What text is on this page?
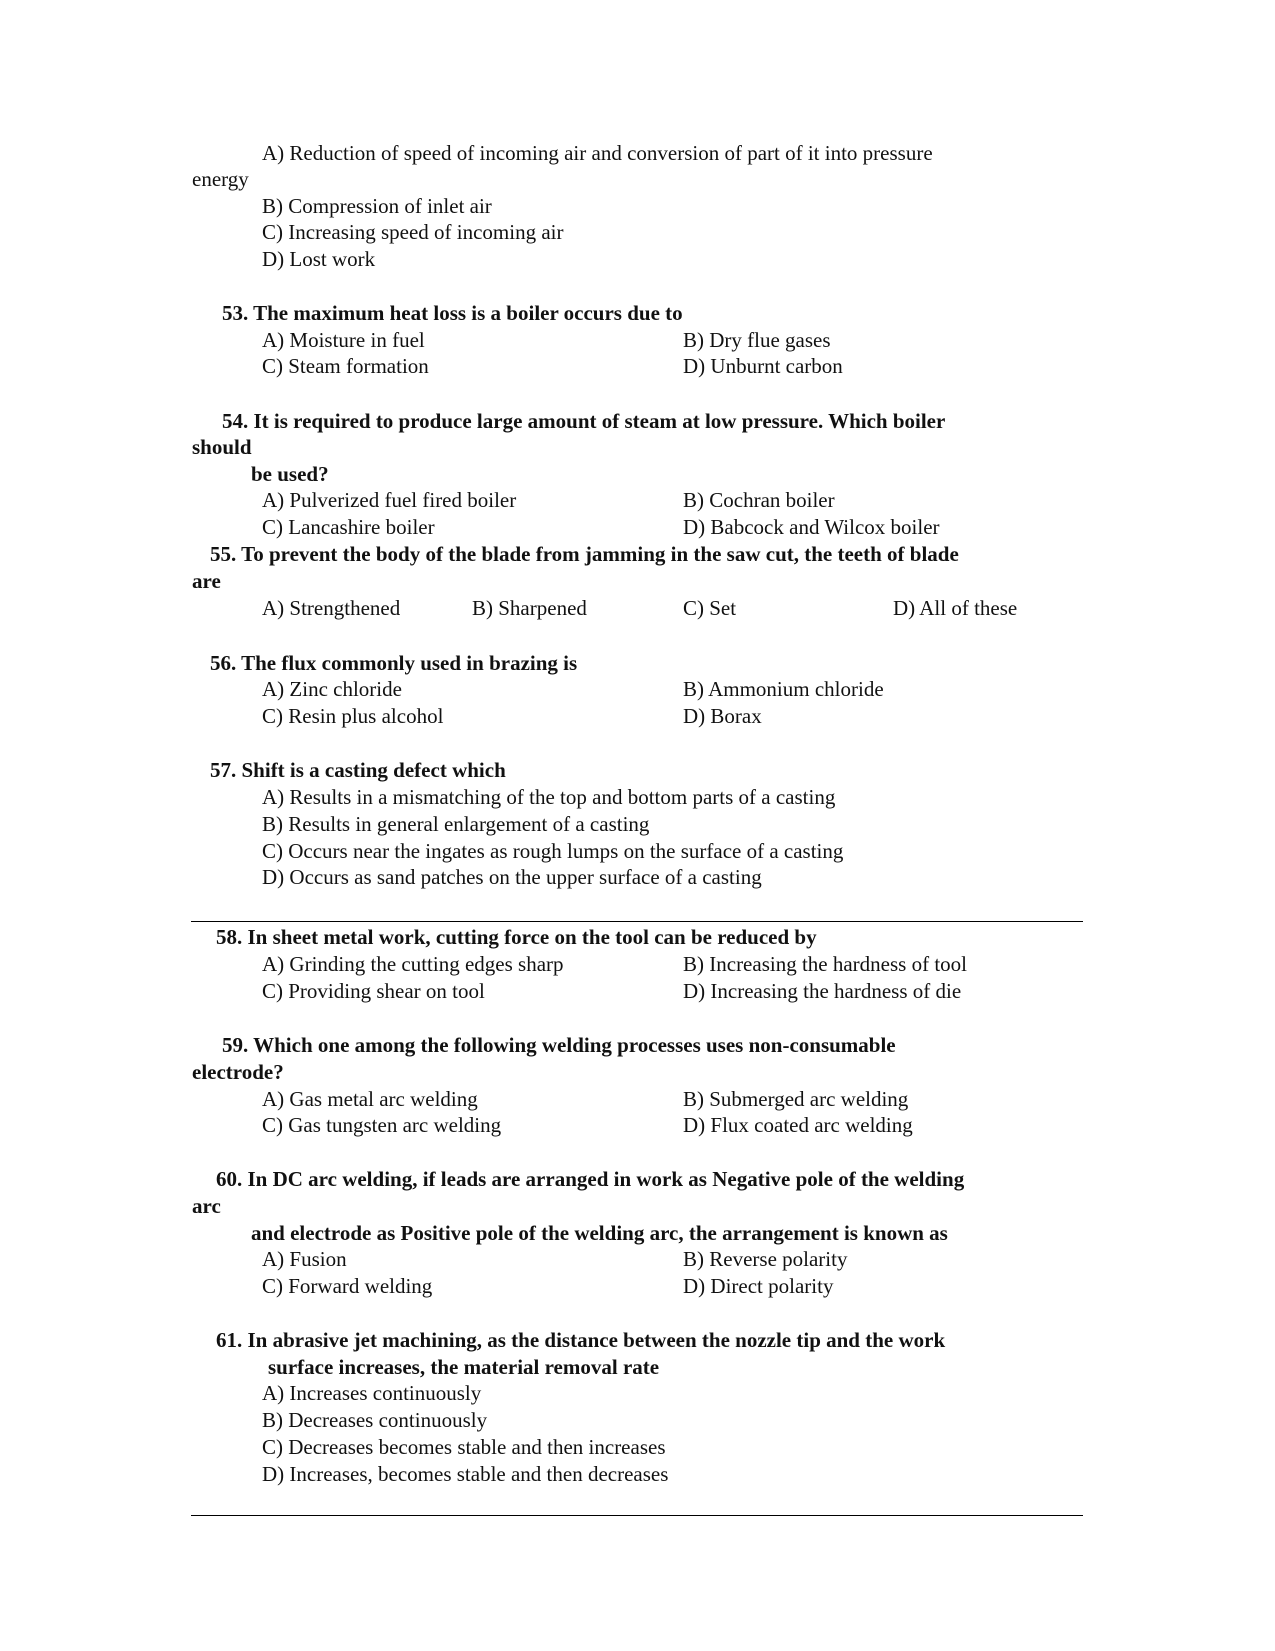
A) Reduction of speed of incoming air and conversion of part of it into pressure
energy
B) Compression of inlet air
C) Increasing speed of incoming air
D) Lost work
53. The maximum heat loss is a boiler occurs due to
A) Moisture in fuel	B) Dry flue gases
C) Steam formation	D) Unburnt carbon
54. It is required to produce large amount of steam at low pressure. Which boiler
should
be used?
A) Pulverized fuel fired boiler	B) Cochran boiler
C) Lancashire boiler	D) Babcock and Wilcox boiler
55. To prevent the body of the blade from jamming in the saw cut, the teeth of blade
are
A) Strengthened	B) Sharpened	C) Set	D) All of these
56. The flux commonly used in brazing is
A) Zinc chloride	B) Ammonium chloride
C) Resin plus alcohol	D) Borax
57. Shift is a casting defect which
A) Results in a mismatching of the top and bottom parts of a casting
B) Results in general enlargement of a casting
C) Occurs near the ingates as rough lumps on the surface of a casting
D) Occurs as sand patches on the upper surface of a casting
58. In sheet metal work, cutting force on the tool can be reduced by
A) Grinding the cutting edges sharp	B) Increasing the hardness of tool
C) Providing shear on tool	D) Increasing the hardness of die
59. Which one among the following welding processes uses non-consumable
electrode?
A) Gas metal arc welding	B) Submerged arc welding
C) Gas tungsten arc welding	D) Flux coated arc welding
60. In DC arc welding, if leads are arranged in work as Negative pole of the welding
arc
and electrode as Positive pole of the welding arc, the arrangement is known as
A) Fusion	B) Reverse polarity
C) Forward welding	D) Direct polarity
61. In abrasive jet machining, as the distance between the nozzle tip and the work
surface increases, the material removal rate
A) Increases continuously
B) Decreases continuously
C) Decreases becomes stable and then increases
D) Increases, becomes stable and then decreases
